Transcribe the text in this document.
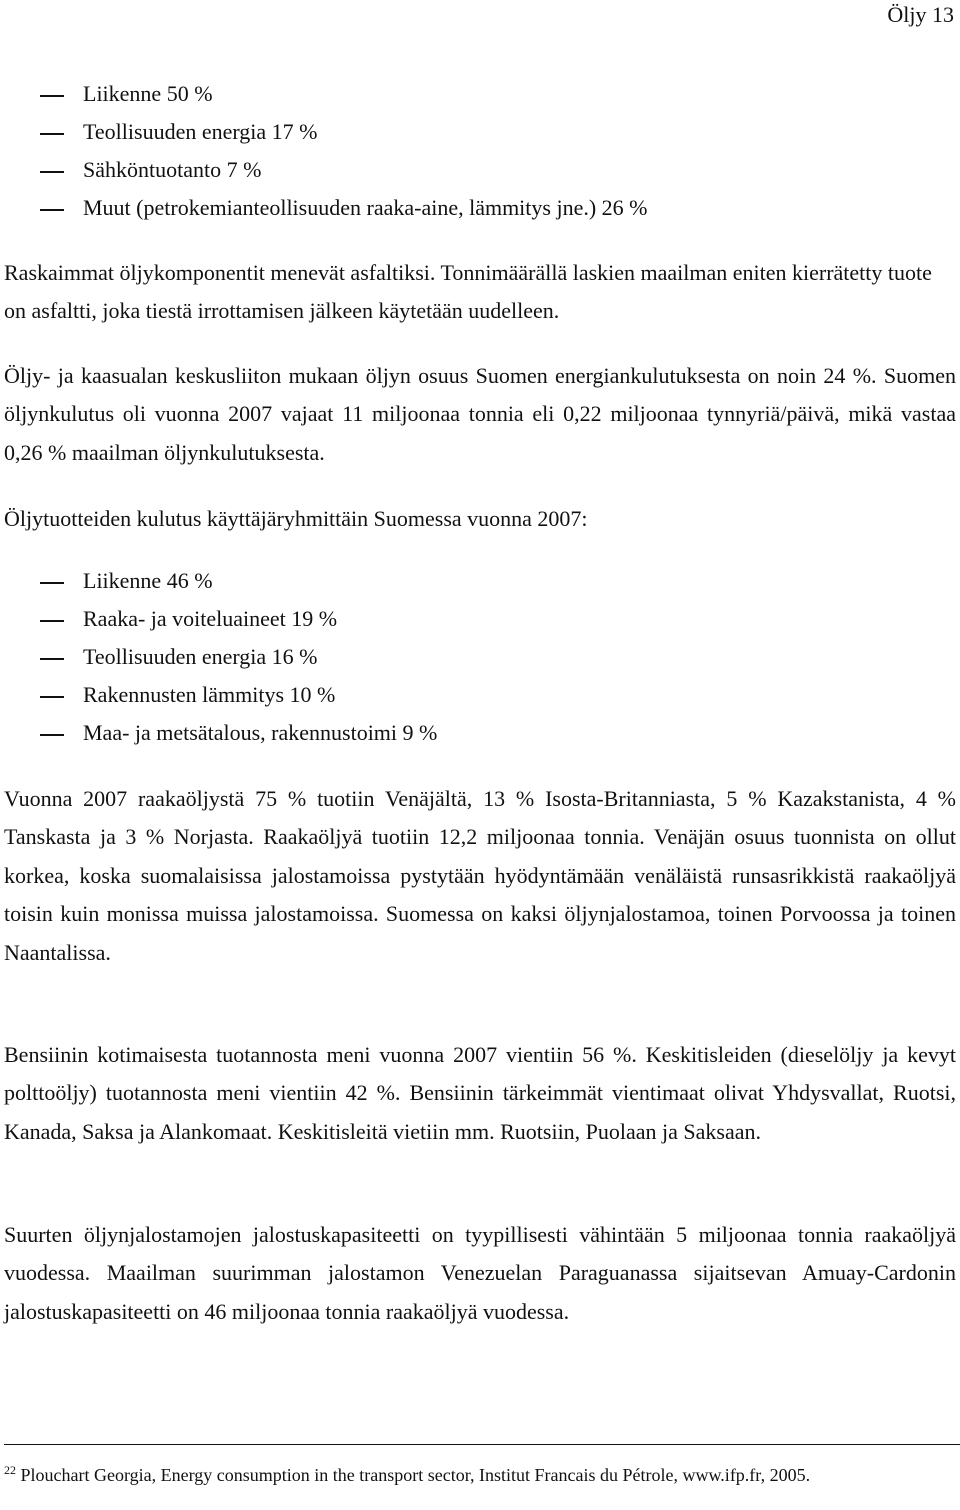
Öljy 13
Liikenne 50 %
Teollisuuden energia 17 %
Sähköntuotanto 7 %
Muut (petrokemianteollisuuden raaka-aine, lämmitys jne.) 26 %

Raskaimmat öljykomponentit menevät asfaltiksi. Tonnimäärällä laskien maailman eniten kierrätetty tuote on asfaltti, joka tiestä irrottamisen jälkeen käytetään uudelleen.

Öljy- ja kaasualan keskusliiton mukaan öljyn osuus Suomen energiankulutuksesta on noin 24 %. Suomen öljynkulutus oli vuonna 2007 vajaat 11 miljoonaa tonnia eli 0,22 miljoonaa tynnyriä/päivä, mikä vastaa 0,26 % maailman öljynkulutuksesta.

Öljytuotteiden kulutus käyttäjäryhmittäin Suomessa vuonna 2007:

Liikenne 46 %
Raaka- ja voiteluaineet 19 %
Teollisuuden energia 16 %
Rakennusten lämmitys 10 %
Maa- ja metsätalous, rakennustoimi 9 %

Vuonna 2007 raakaöljystä 75 % tuotiin Venäjältä, 13 % Isosta-Britanniasta, 5 % Kazakstanista, 4 % Tanskasta ja 3 % Norjasta. Raakaöljyä tuotiin 12,2 miljoonaa tonnia. Venäjän osuus tuonnista on ollut korkea, koska suomalaisissa jalostamoissa pystytään hyödyntämään venäläistä runsasrikkistä raakaöljyä toisin kuin monissa muissa jalostamoissa. Suomessa on kaksi öljynjalostamoa, toinen Porvoossa ja toinen Naantalissa.

Bensiinin kotimaisesta tuotannosta meni vuonna 2007 vientiin 56 %. Keskitisleiden (dieselöljy ja kevyt polttoöljy) tuotannosta meni vientiin 42 %. Bensiinin tärkeimmät vientimaat olivat Yhdysvallat, Ruotsi, Kanada, Saksa ja Alankomaat. Keskitisleitä vietiin mm. Ruotsiin, Puolaan ja Saksaan.

Suurten öljynjalostamojen jalostuskapasiteetti on tyypillisesti vähintään 5 miljoonaa tonnia raakaöljyä vuodessa. Maailman suurimman jalostamon Venezuelan Paraguanassa sijaitsevan Amuay-Cardonin jalostuskapasiteetti on 46 miljoonaa tonnia raakaöljyä vuodessa.

$^{22}$ Plouchart Georgia, Energy consumption in the transport sector, Institut Francais du Pétrole, www.ifp.fr, 2005.
